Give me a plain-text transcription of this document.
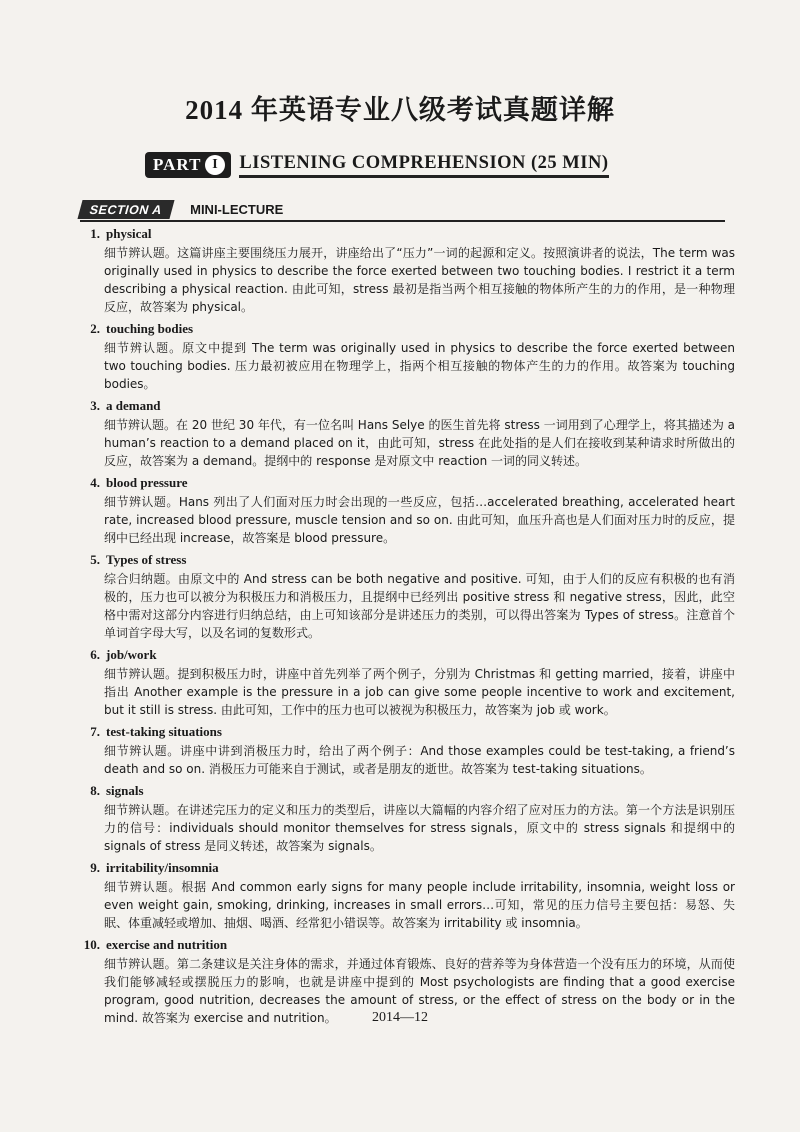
2014 年英语专业八级考试真题详解
PART I	LISTENING COMPREHENSION (25 MIN)
SECTION A	MINI-LECTURE
1. physical
细节辨认题。这篇讲座主要围绕压力展开，讲座给出了“压力”一词的起源和定义。按照演讲者的说法，The term was originally used in physics to describe the force exerted between two touching bodies. I restrict it a term describing a physical reaction. 由此可知，stress 最初是指当两个相互接触的物体所产生的力的作用，是一种物理反应，故答案为 physical。
2. touching bodies
细节辨认题。原文中提到 The term was originally used in physics to describe the force exerted between two touching bodies. 压力最初被应用在物理学上，指两个相互接触的物体产生的力的作用。故答案为 touching bodies。
3. a demand
细节辨认题。在 20 世纪 30 年代，有一位名叫 Hans Selye 的医生首先将 stress 一词用到了心理学上，将其描述为 a human’s reaction to a demand placed on it，由此可知，stress 在此处指的是人们在接收到某种请求时所做出的反应，故答案为 a demand。提纲中的 response 是对原文中 reaction 一词的同义转述。
4. blood pressure
细节辨认题。Hans 列出了人们面对压力时会出现的一些反应，包括…accelerated breathing, accelerated heart rate, increased blood pressure, muscle tension and so on. 由此可知，血压升高也是人们面对压力时的反应，提纲中已经出现 increase，故答案是 blood pressure。
5. Types of stress
综合归纳题。由原文中的 And stress can be both negative and positive. 可知，由于人们的反应有积极的也有消极的，压力也可以被分为积极压力和消极压力，且提纲中已经列出 positive stress 和 negative stress，因此，此空格中需对这部分内容进行归纳总结，由上可知该部分是讲述压力的类别，可以得出答案为 Types of stress。注意首个单词首字母大写，以及名词的复数形式。
6. job/work
细节辨认题。提到积极压力时，讲座中首先列举了两个例子，分别为 Christmas 和 getting married，接着，讲座中指出 Another example is the pressure in a job can give some people incentive to work and excitement, but it still is stress. 由此可知，工作中的压力也可以被视为积极压力，故答案为 job 或 work。
7. test-taking situations
细节辨认题。讲座中讲到消极压力时，给出了两个例子：And those examples could be test-taking, a friend’s death and so on. 消极压力可能来自于测试，或者是朋友的逝世。故答案为 test-taking situations。
8. signals
细节辨认题。在讲述完压力的定义和压力的类型后，讲座以大篇幅的内容介绍了应对压力的方法。第一个方法是识别压力的信号：individuals should monitor themselves for stress signals，原文中的 stress signals 和提纲中的 signals of stress 是同义转述，故答案为 signals。
9. irritability/insomnia
细节辨认题。根据 And common early signs for many people include irritability, insomnia, weight loss or even weight gain, smoking, drinking, increases in small errors…可知，常见的压力信号主要包括：易怒、失眠、体重减轻或增加、抽烟、喝酒、经常犯小错误等。故答案为 irritability 或 insomnia。
10. exercise and nutrition
细节辨认题。第二条建议是关注身体的需求，并通过体育锻炼、良好的营养等为身体营造一个没有压力的环境，从而使我们能够减轻或摆脱压力的影响，也就是讲座中提到的 Most psychologists are finding that a good exercise program, good nutrition, decreases the amount of stress, or the effect of stress on the body or in the mind. 故答案为 exercise and nutrition。	2014—12
